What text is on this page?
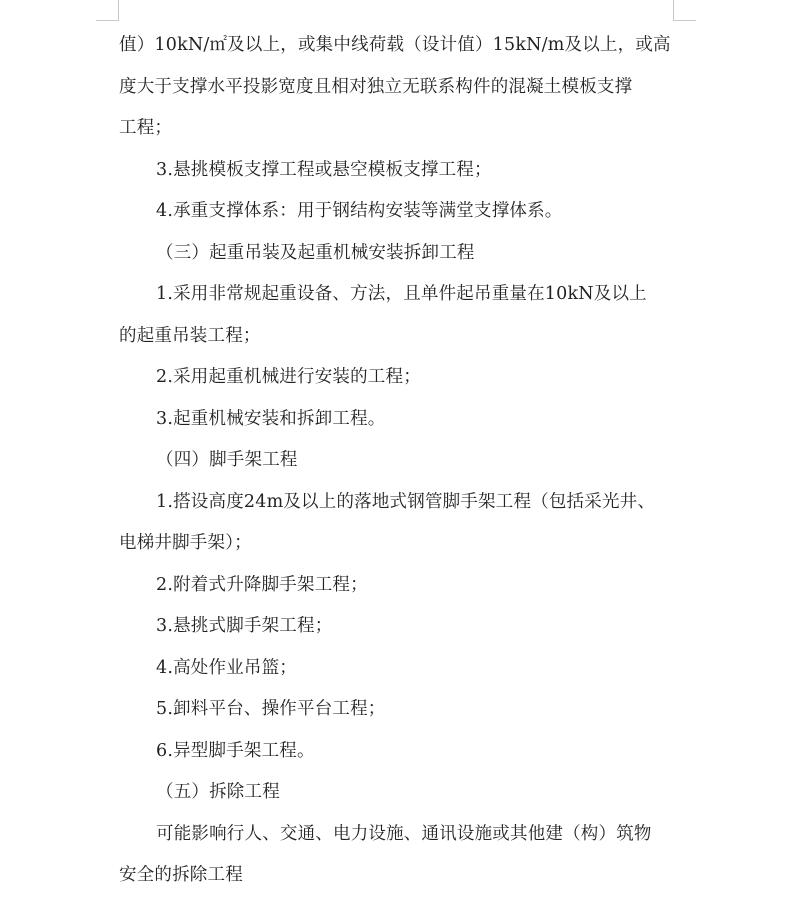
值）10kN/㎡及以上，或集中线荷载（设计值）15kN/m及以上，或高
度大于支撑水平投影宽度且相对独立无联系构件的混凝土模板支撑
工程；
3.悬挑模板支撑工程或悬空模板支撑工程；
4.承重支撑体系：用于钢结构安装等满堂支撑体系。
（三）起重吊装及起重机械安装拆卸工程
1.采用非常规起重设备、方法，且单件起吊重量在10kN及以上
的起重吊装工程；
2.采用起重机械进行安装的工程；
3.起重机械安装和拆卸工程。
（四）脚手架工程
1.搭设高度24m及以上的落地式钢管脚手架工程（包括采光井、
电梯井脚手架）；
2.附着式升降脚手架工程；
3.悬挑式脚手架工程；
4.高处作业吊篮；
5.卸料平台、操作平台工程；
6.异型脚手架工程。
（五）拆除工程
可能影响行人、交通、电力设施、通讯设施或其他建（构）筑物
安全的拆除工程
